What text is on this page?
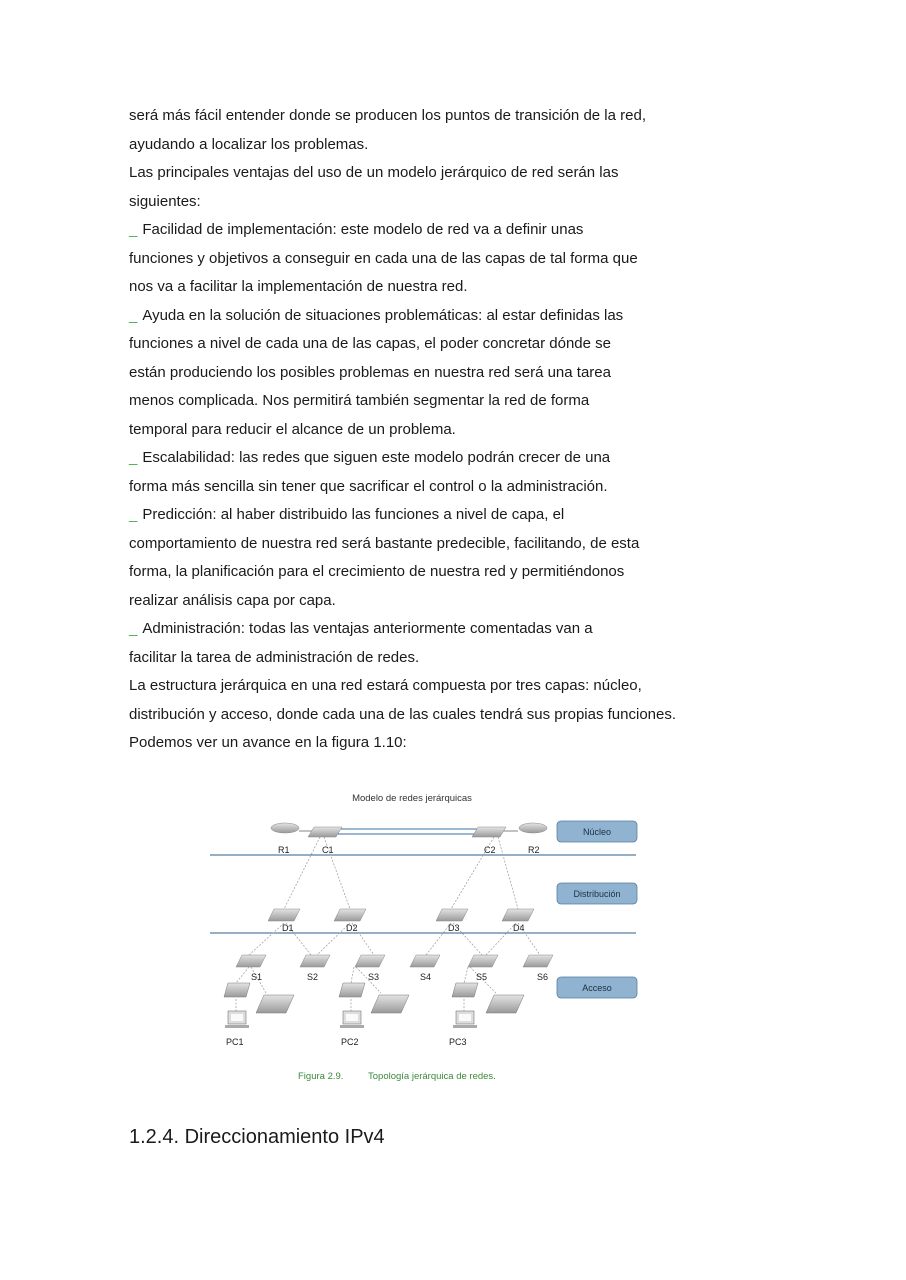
será más fácil entender donde se producen los puntos de transición de la red,
ayudando a localizar los problemas.
Las principales ventajas del uso de un modelo jerárquico de red serán las
siguientes:
_ Facilidad de implementación: este modelo de red va a definir unas
funciones y objetivos a conseguir en cada una de las capas de tal forma que
nos va a facilitar la implementación de nuestra red.
_ Ayuda en la solución de situaciones problemáticas: al estar definidas las
funciones a nivel de cada una de las capas, el poder concretar dónde se
están produciendo los posibles problemas en nuestra red será una tarea
menos complicada. Nos permitirá también segmentar la red de forma
temporal para reducir el alcance de un problema.
_ Escalabilidad: las redes que siguen este modelo podrán crecer de una
forma más sencilla sin tener que sacrificar el control o la administración.
_ Predicción: al haber distribuido las funciones a nivel de capa, el
comportamiento de nuestra red será bastante predecible, facilitando, de esta
forma, la planificación para el crecimiento de nuestra red y permitiéndonos
realizar análisis capa por capa.
_ Administración: todas las ventajas anteriormente comentadas van a
facilitar la tarea de administración de redes.
La estructura jerárquica en una red estará compuesta por tres capas: núcleo,
distribución y acceso, donde cada una de las cuales tendrá sus propias funciones.
Podemos ver un avance en la figura 1.10:
Modelo de redes jerárquicas
R1	C1	C2	R2
D1	D2	D3	D4
S1	S2	S3	S4	S5	S6
PC1	PC2	PC3
Núcleo
Distribución
Acceso
Figura 2.9.	Topología jerárquica de redes.
1.2.4. Direccionamiento IPv4
